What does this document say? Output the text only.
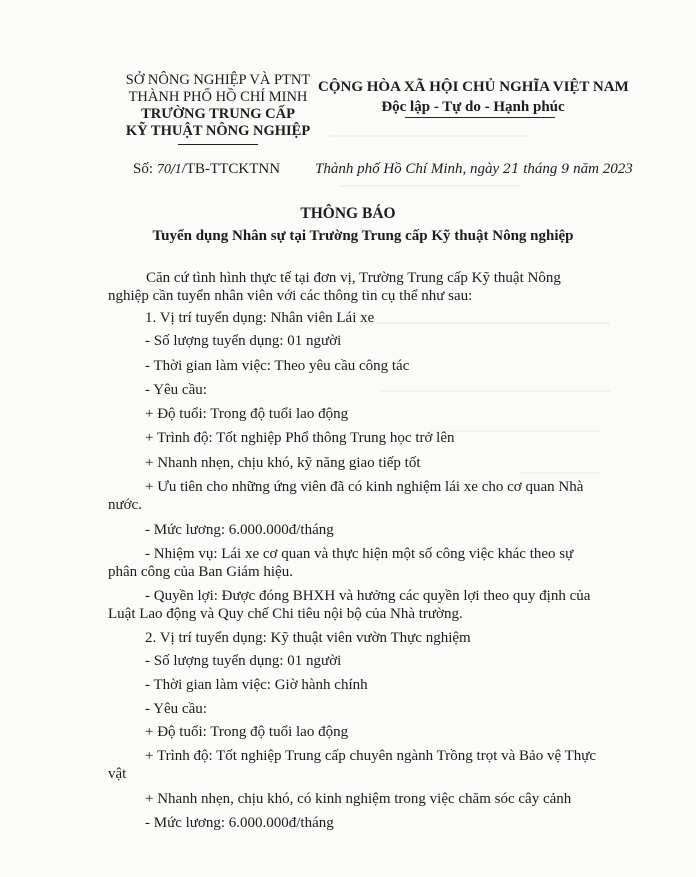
SỞ NÔNG NGHIỆP VÀ PTNT
THÀNH PHỐ HỒ CHÍ MINH
TRƯỜNG TRUNG CẤP
KỸ THUẬT NÔNG NGHIỆP
Số: 70/1/TB-TTCKTNN
CỘNG HÒA XÃ HỘI CHỦ NGHĨA VIỆT NAM
Độc lập - Tự do - Hạnh phúc
Thành phố Hồ Chí Minh, ngày 21 tháng 9 năm 2023
THÔNG BÁO
Tuyển dụng Nhân sự tại Trường Trung cấp Kỹ thuật Nông nghiệp
Căn cứ tình hình thực tế tại đơn vị, Trường Trung cấp Kỹ thuật Nông
nghiệp cần tuyển nhân viên với các thông tin cụ thể như sau:
1. Vị trí tuyển dụng: Nhân viên Lái xe
- Số lượng tuyển dụng: 01 người
- Thời gian làm việc: Theo yêu cầu công tác
- Yêu cầu:
+ Độ tuổi: Trong độ tuổi lao động
+ Trình độ: Tốt nghiệp Phổ thông Trung học trở lên
+ Nhanh nhẹn, chịu khó, kỹ năng giao tiếp tốt
+ Ưu tiên cho những ứng viên đã có kinh nghiệm lái xe cho cơ quan Nhà
nước.
- Mức lương: 6.000.000đ/tháng
- Nhiệm vụ: Lái xe cơ quan và thực hiện một số công việc khác theo sự
phân công của Ban Giám hiệu.
- Quyền lợi: Được đóng BHXH và hưởng các quyền lợi theo quy định của
Luật Lao động và Quy chế Chi tiêu nội bộ của Nhà trường.
2. Vị trí tuyển dụng: Kỹ thuật viên vườn Thực nghiệm
- Số lượng tuyển dụng: 01 người
- Thời gian làm việc: Giờ hành chính
- Yêu cầu:
+ Độ tuổi: Trong độ tuổi lao động
+ Trình độ: Tốt nghiệp Trung cấp chuyên ngành Trồng trọt và Bảo vệ Thực
vật
+ Nhanh nhẹn, chịu khó, có kinh nghiệm trong việc chăm sóc cây cảnh
- Mức lương: 6.000.000đ/tháng
